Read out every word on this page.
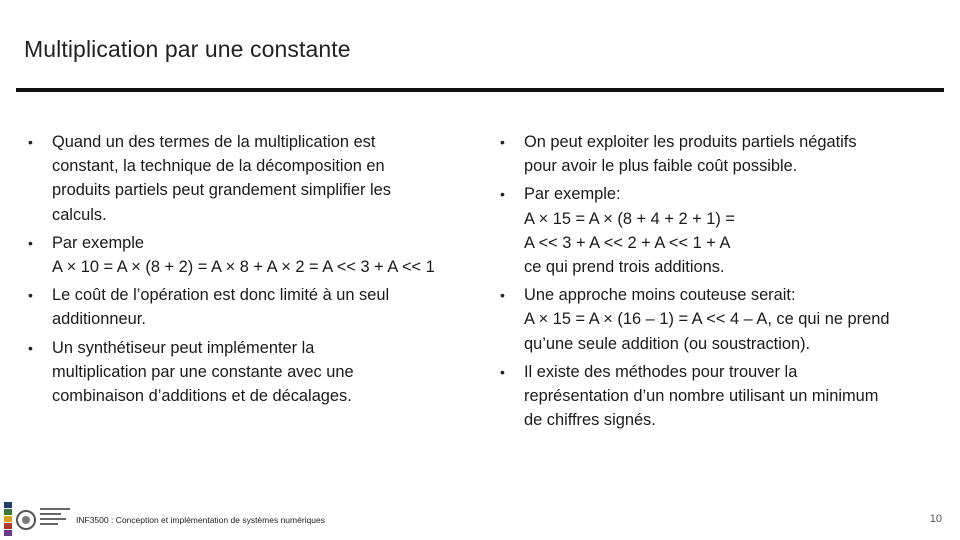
Multiplication par une constante
• Quand un des termes de la multiplication est
constant, la technique de la décomposition en
produits partiels peut grandement simplifier les
calculs.
• Par exemple
A × 10 = A × (8 + 2) = A × 8 + A × 2 = A << 3 + A << 1
• Le coût de l’opération est donc limité à un seul
additionneur.
• Un synthétiseur peut implémenter la
multiplication par une constante avec une
combinaison d’additions et de décalages.
• On peut exploiter les produits partiels négatifs
pour avoir le plus faible coût possible.
• Par exemple:
A × 15 = A × (8 + 4 + 2 + 1) =
A << 3 + A << 2 + A << 1 + A
ce qui prend trois additions.
• Une approche moins couteuse serait:
A × 15 = A × (16 – 1) = A << 4 – A, ce qui ne prend
qu’une seule addition (ou soustraction).
• Il existe des méthodes pour trouver la
représentation d’un nombre utilisant un minimum
de chiffres signés.
INF3500 : Conception et implémentation de systèmes numériques	10
